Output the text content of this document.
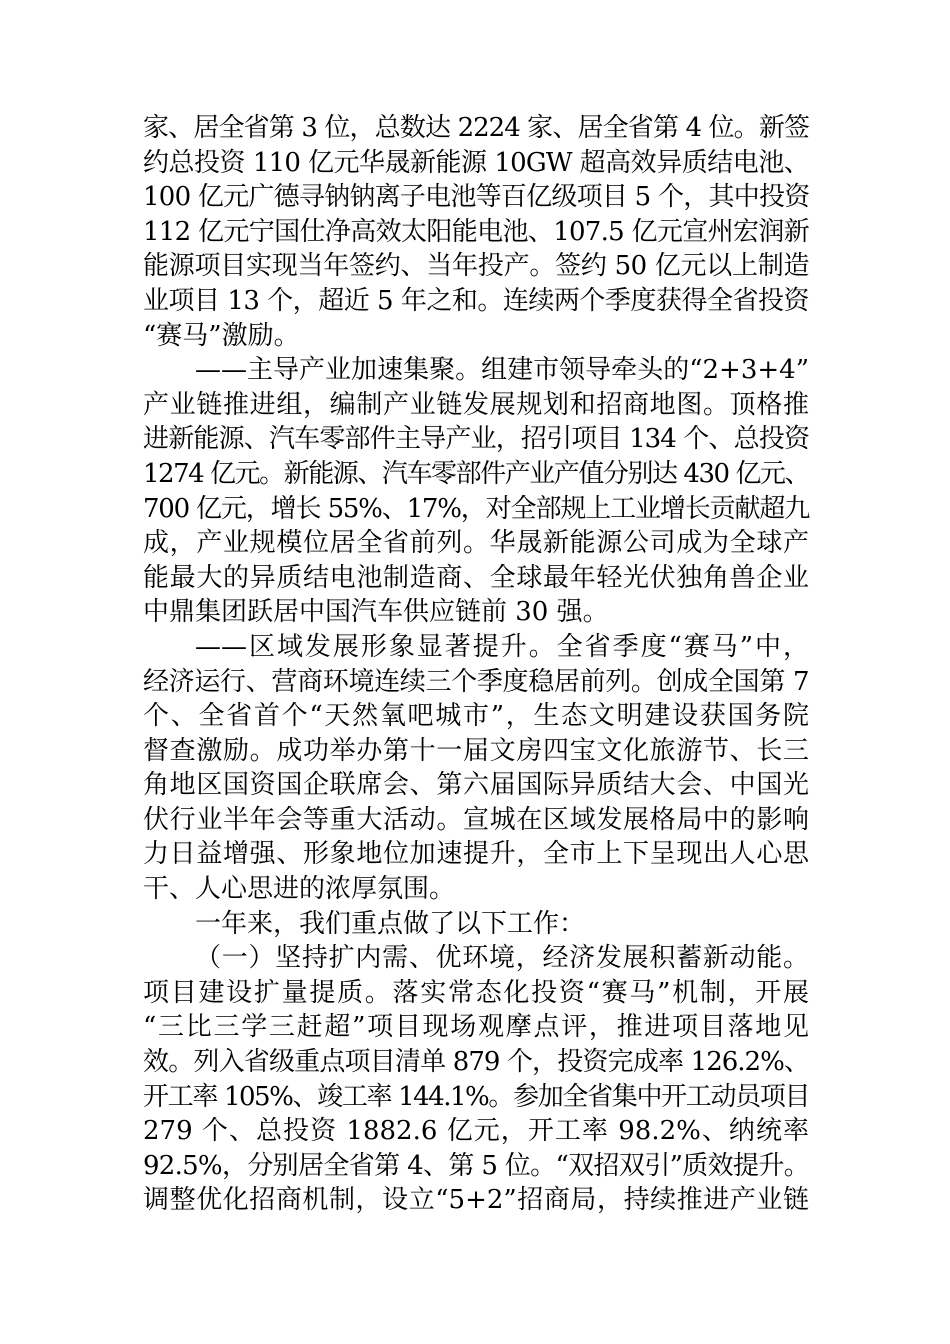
家、居全省第 3 位，总数达 2224 家、居全省第 4 位。新签
约总投资 110 亿元华晟新能源 10GW 超高效异质结电池、
100 亿元广德寻钠钠离子电池等百亿级项目 5 个，其中投资
112 亿元宁国仕净高效太阳能电池、107.5 亿元宣州宏润新
能源项目实现当年签约、当年投产。签约 50 亿元以上制造
业项目 13 个，超近 5 年之和。连续两个季度获得全省投资
“赛马”激励。
——主导产业加速集聚。组建市领导牵头的“2+3+4”
产业链推进组，编制产业链发展规划和招商地图。顶格推
进新能源、汽车零部件主导产业，招引项目 134 个、总投资
1274 亿元。新能源、汽车零部件产业产值分别达 430 亿元、
700 亿元，增长 55%、17%，对全部规上工业增长贡献超九
成，产业规模位居全省前列。华晟新能源公司成为全球产
能最大的异质结电池制造商、全球最年轻光伏独角兽企业
中鼎集团跃居中国汽车供应链前 30 强。
——区域发展形象显著提升。全省季度“赛马”中，
经济运行、营商环境连续三个季度稳居前列。创成全国第 7
个、全省首个“天然氧吧城市”，生态文明建设获国务院
督查激励。成功举办第十一届文房四宝文化旅游节、长三
角地区国资国企联席会、第六届国际异质结大会、中国光
伏行业半年会等重大活动。宣城在区域发展格局中的影响
力日益增强、形象地位加速提升，全市上下呈现出人心思
干、人心思进的浓厚氛围。
一年来，我们重点做了以下工作：
（一）坚持扩内需、优环境，经济发展积蓄新动能。
项目建设扩量提质。落实常态化投资“赛马”机制，开展
“三比三学三赶超”项目现场观摩点评，推进项目落地见
效。列入省级重点项目清单 879 个，投资完成率 126.2%、
开工率 105%、竣工率 144.1%。参加全省集中开工动员项目
279 个、总投资 1882.6 亿元，开工率 98.2%、纳统率
92.5%，分别居全省第 4、第 5 位。“双招双引”质效提升。
调整优化招商机制，设立“5+2”招商局，持续推进产业链
